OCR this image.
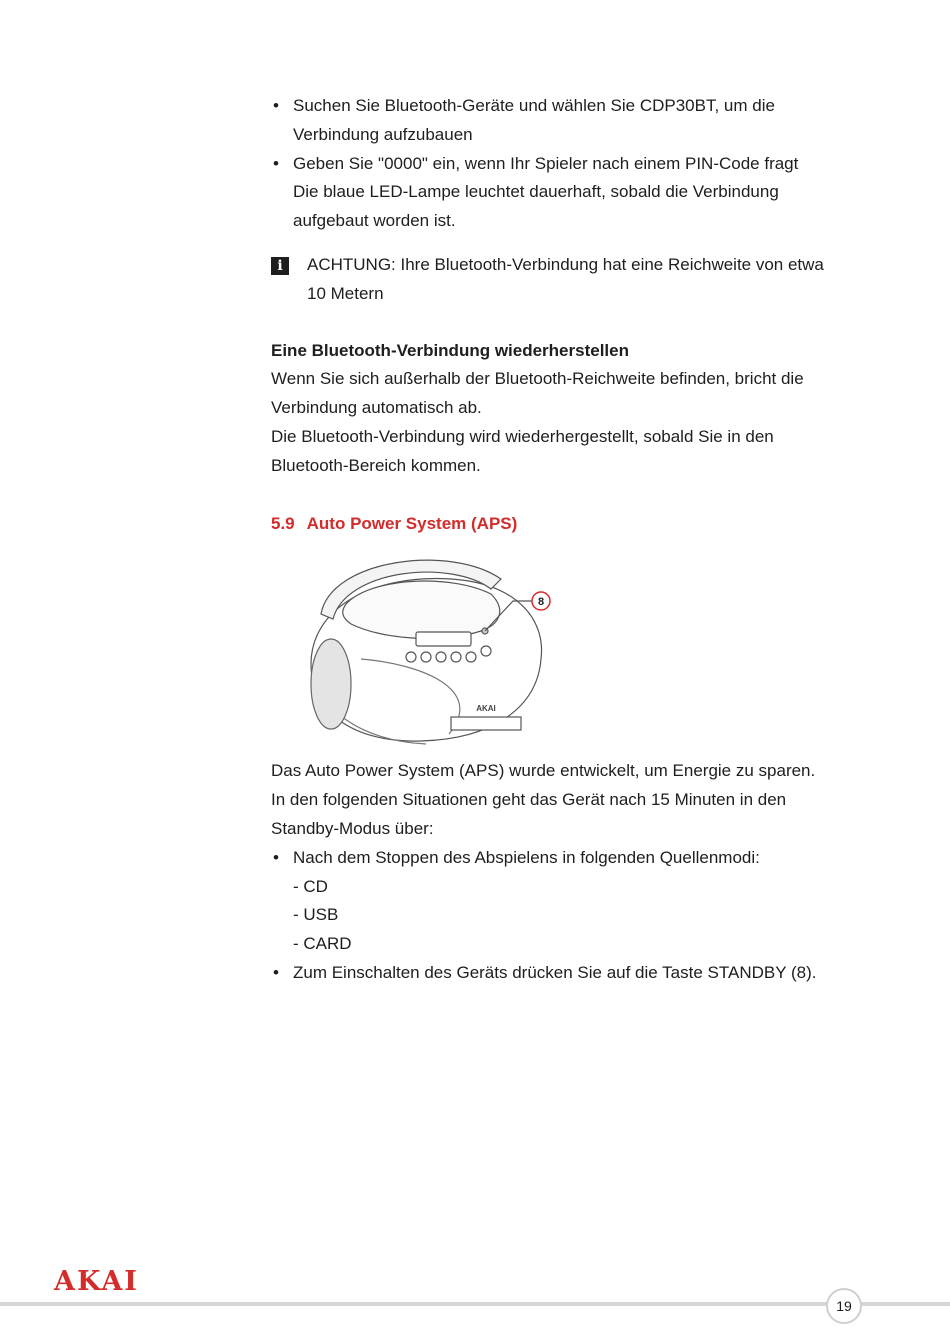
• Suchen Sie Bluetooth-Geräte und wählen Sie CDP30BT, um die
Verbindung aufzubauen
• Geben Sie "0000" ein, wenn Ihr Spieler nach einem PIN-Code fragt
Die blaue LED-Lampe leuchtet dauerhaft, sobald die Verbindung
aufgebaut worden ist.
i	ACHTUNG: Ihre Bluetooth-Verbindung hat eine Reichweite von etwa
10 Metern
Eine Bluetooth-Verbindung wiederherstellen
Wenn Sie sich außerhalb der Bluetooth-Reichweite befinden, bricht die
Verbindung automatisch ab.
Die Bluetooth-Verbindung wird wiederhergestellt, sobald Sie in den
Bluetooth-Bereich kommen.
5.9 Auto Power System (APS)
8
AKAI
Das Auto Power System (APS) wurde entwickelt, um Energie zu sparen.
In den folgenden Situationen geht das Gerät nach 15 Minuten in den
Standby-Modus über:
• Nach dem Stoppen des Abspielens in folgenden Quellenmodi:
- CD
- USB
- CARD
• Zum Einschalten des Geräts drücken Sie auf die Taste STANDBY (8).
AKAI
19
